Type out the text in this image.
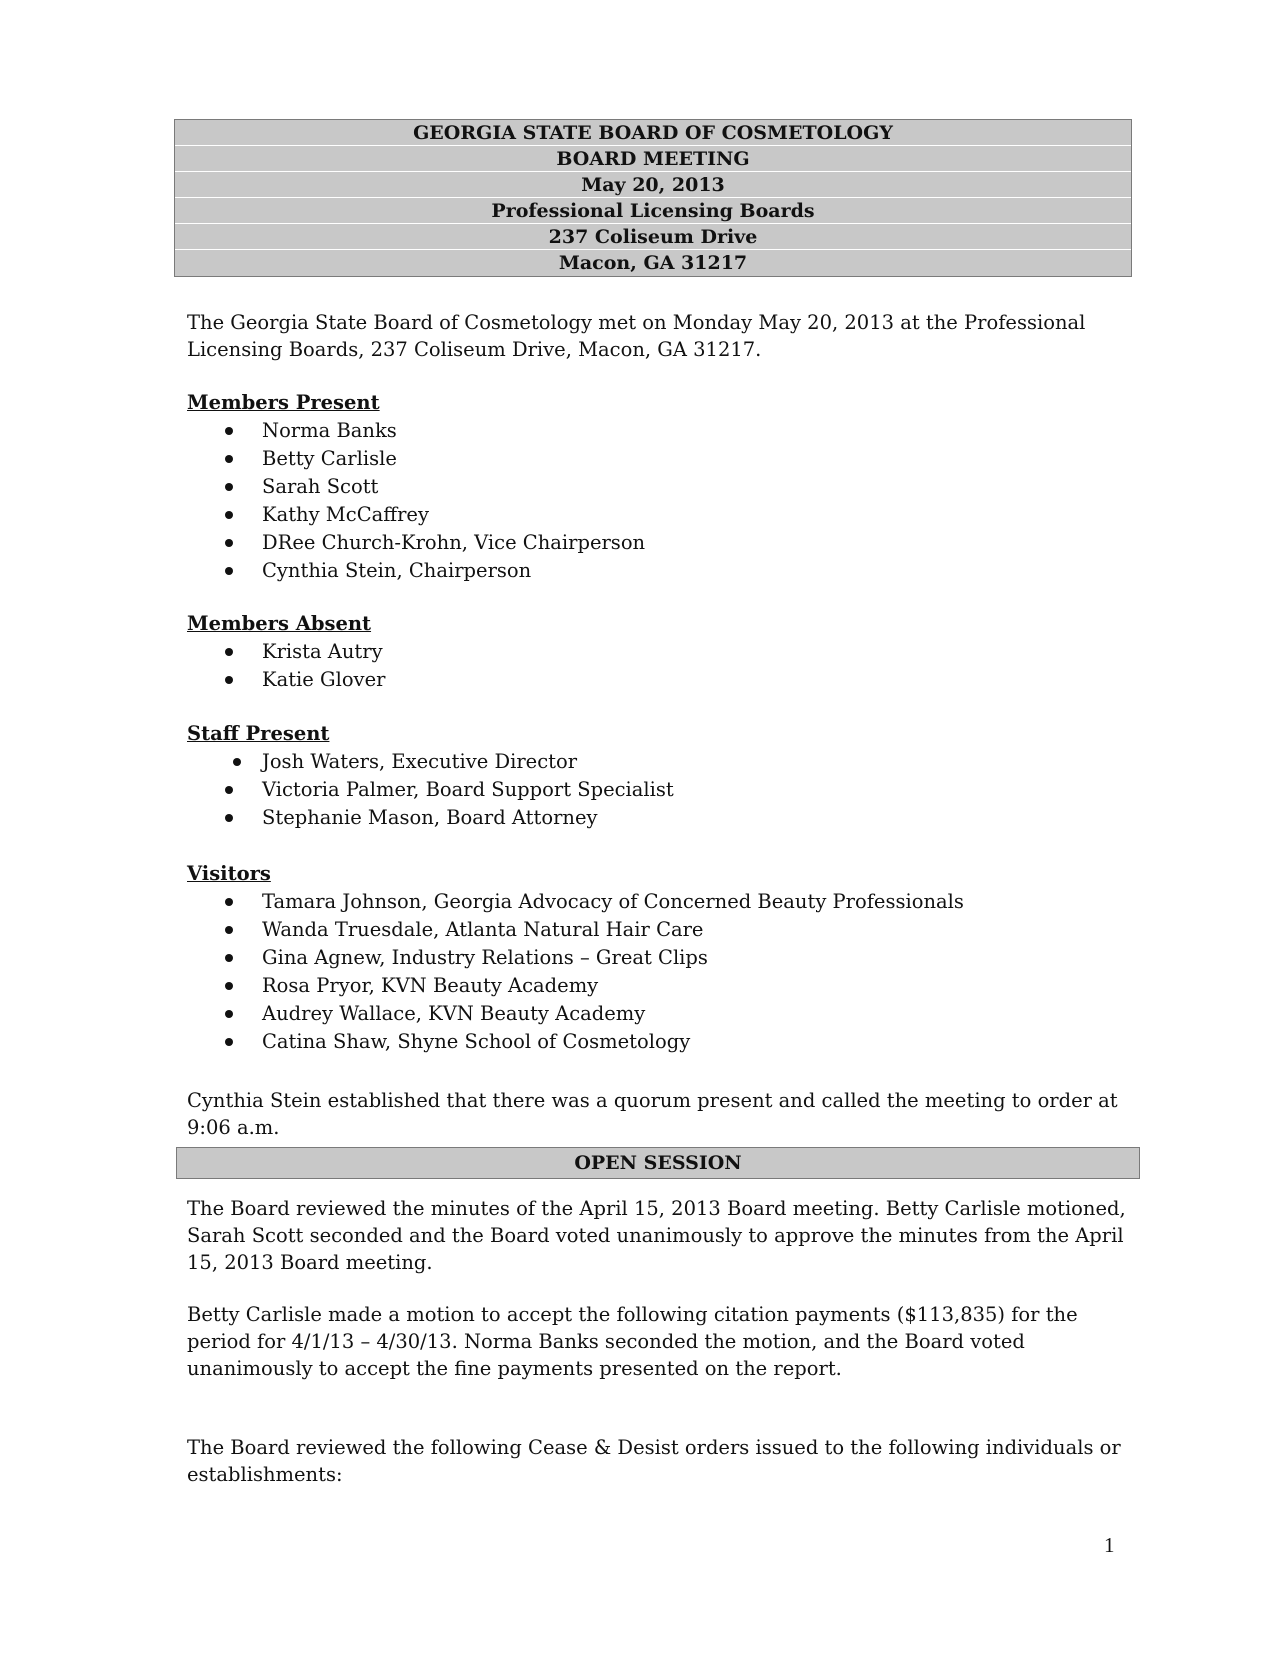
GEORGIA STATE BOARD OF COSMETOLOGY
BOARD MEETING
May 20, 2013
Professional Licensing Boards
237 Coliseum Drive
Macon, GA 31217
The Georgia State Board of Cosmetology met on Monday May 20, 2013 at the Professional
Licensing Boards, 237 Coliseum Drive, Macon, GA 31217.
Members Present
Norma Banks
Betty Carlisle
Sarah Scott
Kathy McCaffrey
DRee Church-Krohn, Vice Chairperson
Cynthia Stein, Chairperson
Members Absent
Krista Autry
Katie Glover
Staff Present
Josh Waters, Executive Director
Victoria Palmer, Board Support Specialist
Stephanie Mason, Board Attorney
Visitors
Tamara Johnson, Georgia Advocacy of Concerned Beauty Professionals
Wanda Truesdale, Atlanta Natural Hair Care
Gina Agnew, Industry Relations – Great Clips
Rosa Pryor, KVN Beauty Academy
Audrey Wallace, KVN Beauty Academy
Catina Shaw, Shyne School of Cosmetology
Cynthia Stein established that there was a quorum present and called the meeting to order at
9:06 a.m.
OPEN SESSION
The Board reviewed the minutes of the April 15, 2013 Board meeting. Betty Carlisle motioned,
Sarah Scott seconded and the Board voted unanimously to approve the minutes from the April
15, 2013 Board meeting.
Betty Carlisle made a motion to accept the following citation payments ($113,835) for the
period for 4/1/13 – 4/30/13. Norma Banks seconded the motion, and the Board voted
unanimously to accept the fine payments presented on the report.
The Board reviewed the following Cease & Desist orders issued to the following individuals or
establishments:
1
